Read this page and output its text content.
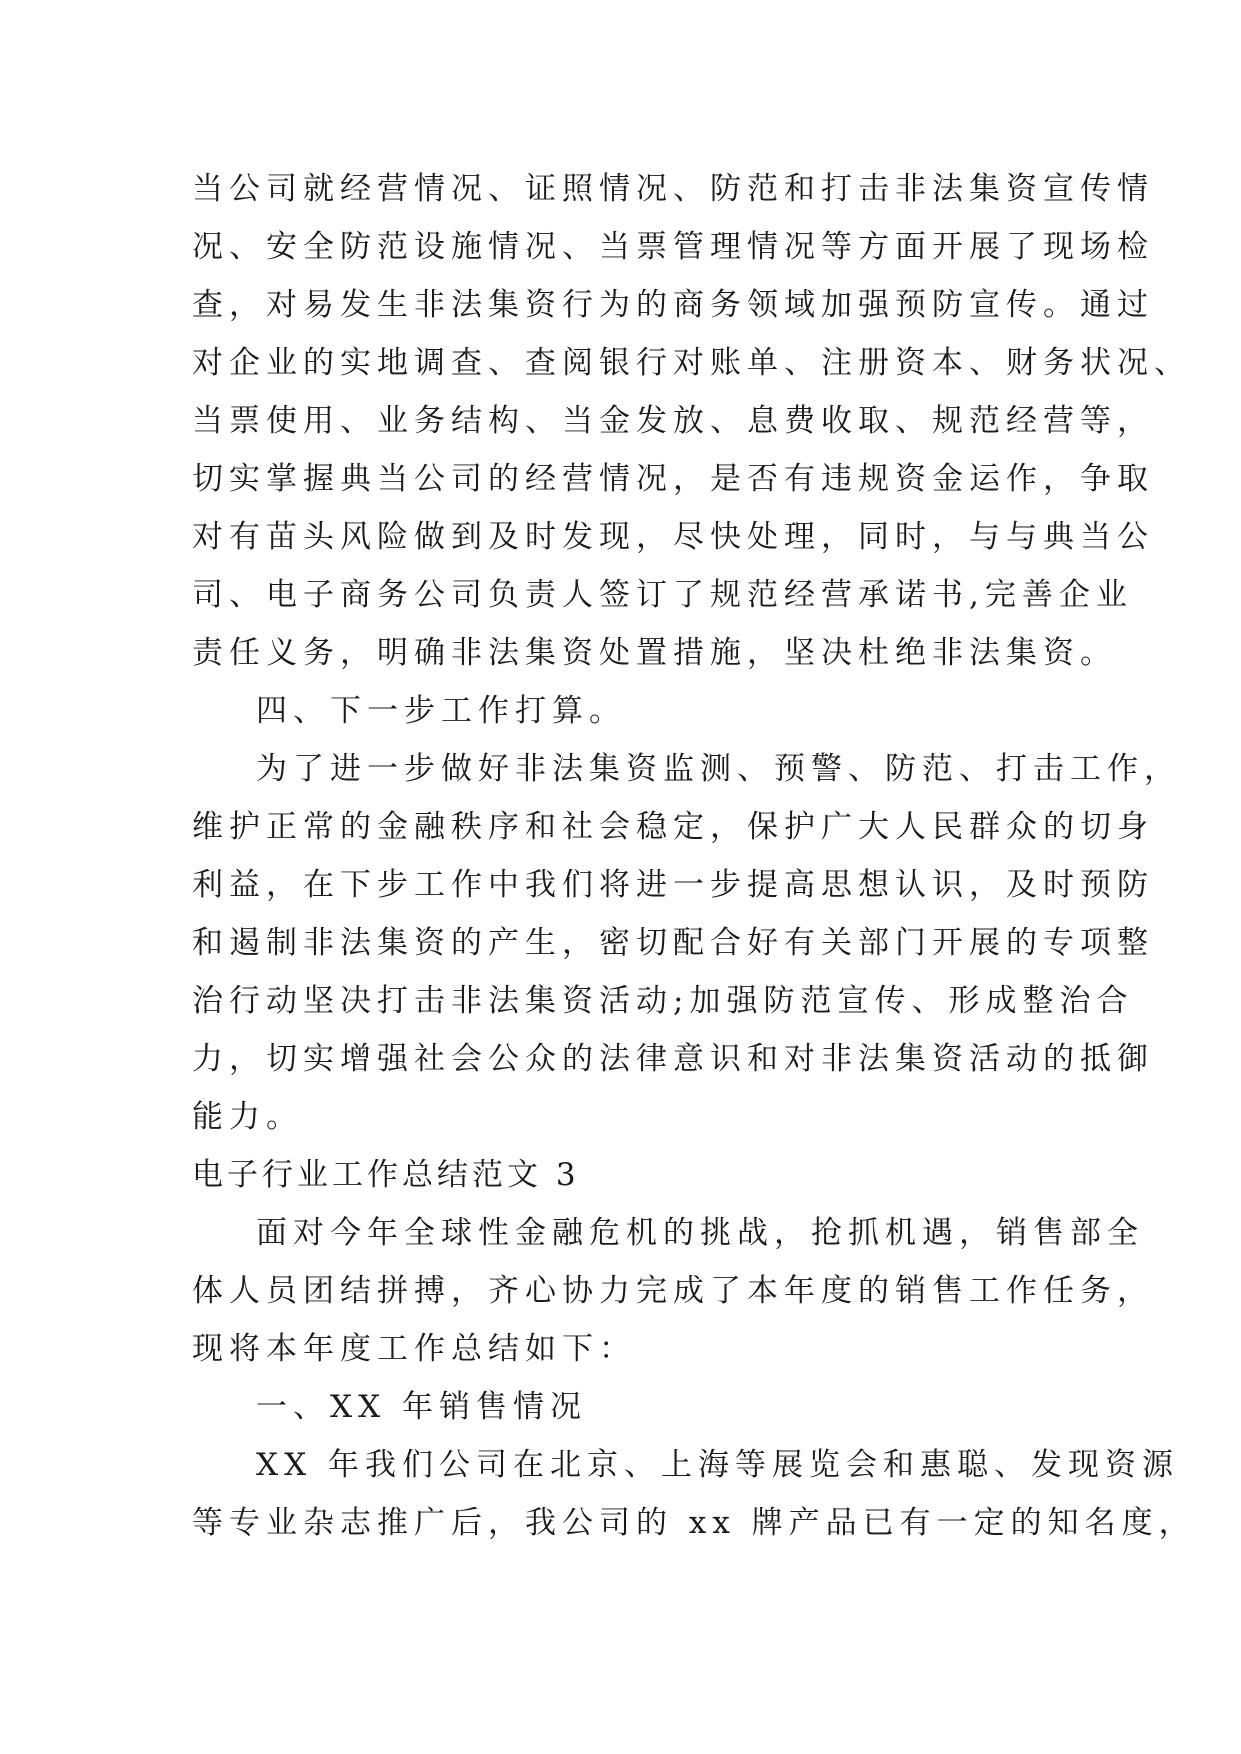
当公司就经营情况、证照情况、防范和打击非法集资宣传情
况、安全防范设施情况、当票管理情况等方面开展了现场检
查，对易发生非法集资行为的商务领域加强预防宣传。通过
对企业的实地调查、查阅银行对账单、注册资本、财务状况、
当票使用、业务结构、当金发放、息费收取、规范经营等，
切实掌握典当公司的经营情况，是否有违规资金运作，争取
对有苗头风险做到及时发现，尽快处理，同时，与与典当公
司、电子商务公司负责人签订了规范经营承诺书,完善企业
责任义务，明确非法集资处置措施，坚决杜绝非法集资。
四、下一步工作打算。
为了进一步做好非法集资监测、预警、防范、打击工作，
维护正常的金融秩序和社会稳定，保护广大人民群众的切身
利益，在下步工作中我们将进一步提高思想认识，及时预防
和遏制非法集资的产生，密切配合好有关部门开展的专项整
治行动坚决打击非法集资活动;加强防范宣传、形成整治合
力，切实增强社会公众的法律意识和对非法集资活动的抵御
能力。
电子行业工作总结范文 3
面对今年全球性金融危机的挑战，抢抓机遇，销售部全
体人员团结拼搏，齐心协力完成了本年度的销售工作任务，
现将本年度工作总结如下：
一、XX 年销售情况
XX 年我们公司在北京、上海等展览会和惠聪、发现资源
等专业杂志推广后，我公司的 xx 牌产品已有一定的知名度，
